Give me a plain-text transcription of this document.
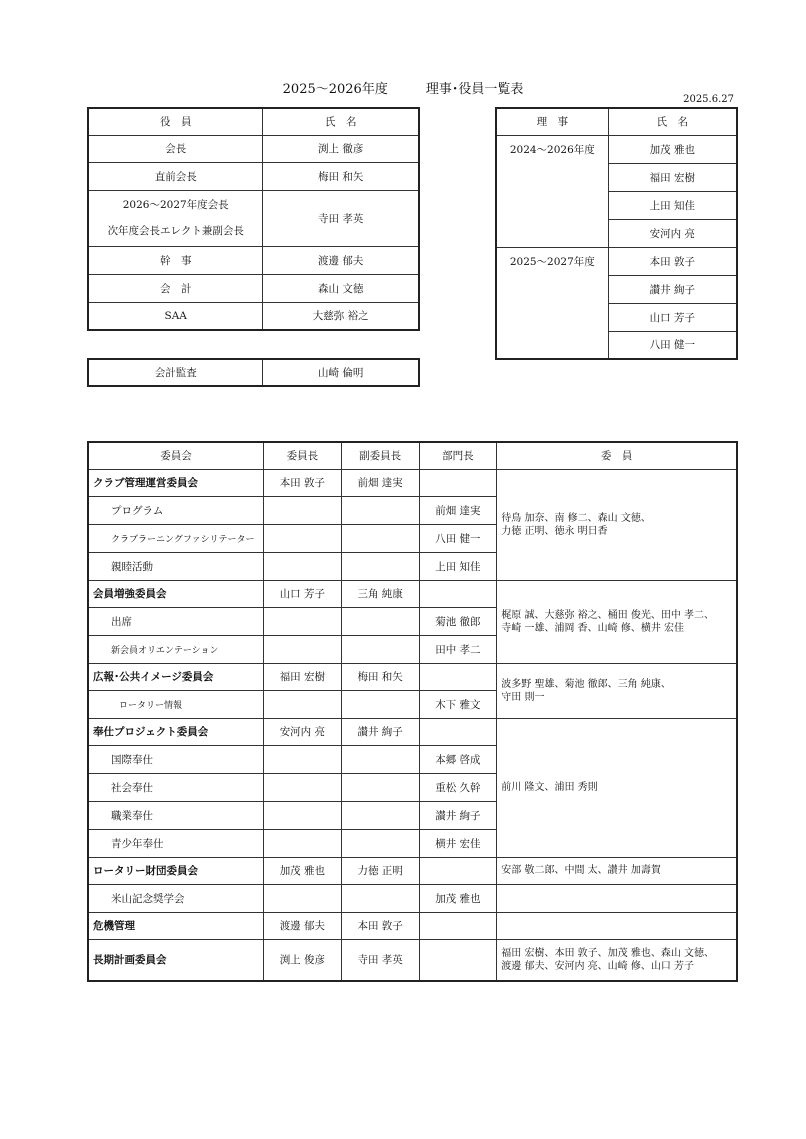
2025～2026年度	理事･役員一覧表
2025.6.27
役　員	氏　名
会長	渕上 徹彦
直前会長	梅田 和矢

2026～2027年度会長
次年度会長エレクト兼副会長	寺田 孝英
幹　事	渡邊 郁夫
会　計	森山 文徳
SAA	大慈弥 裕之
会計監査	山崎 倫明
理　事	氏　名
2024～2026年度	加茂 雅也
	福田 宏樹
	上田 知佳
	安河内 亮
2025～2027年度	本田 敦子
	讃井 絢子
	山口 芳子
	八田 健一
委員会	委員長	副委員長	部門長	委　員
クラブ管理運営委員会	本田 敦子	前畑 達実		待鳥 加奈、南 修二、森山 文徳、
力徳 正明、徳永 明日香

プログラム			前畑 達実	
クラブラーニングファシリテーター			八田 健一	
親睦活動			上田 知佳	
会員増強委員会	山口 芳子	三角 純康		梶原 誠、大慈弥 裕之、桶田 俊光、田中 孝二、
寺崎 一雄、浦岡 香、山崎 修、横井 宏佳

出席			菊池 徹郎	
新会員オリエンテーション			田中 孝二	
広報･公共イメージ委員会	福田 宏樹	梅田 和矢		波多野 聖雄、菊池 徹郎、三角 純康、
守田 則一

ロータリー情報			木下 雅文	
奉仕プロジェクト委員会	安河内 亮	讃井 絢子		前川 隆文、浦田 秀則

国際奉仕			本郷 啓成	
社会奉仕			重松 久幹	
職業奉仕			讃井 絢子	
青少年奉仕			横井 宏佳	
ロータリー財団委員会	加茂 雅也	力徳 正明		安部 敬二郎、中間 太、讃井 加壽賀
米山記念奨学会			加茂 雅也	
危機管理	渡邊 郁夫	本田 敦子		
長期計画委員会	渕上 俊彦	寺田 孝英		福田 宏樹、本田 敦子、加茂 雅也、森山 文徳、
渡邊 郁夫、安河内 亮、山崎 修、山口 芳子
